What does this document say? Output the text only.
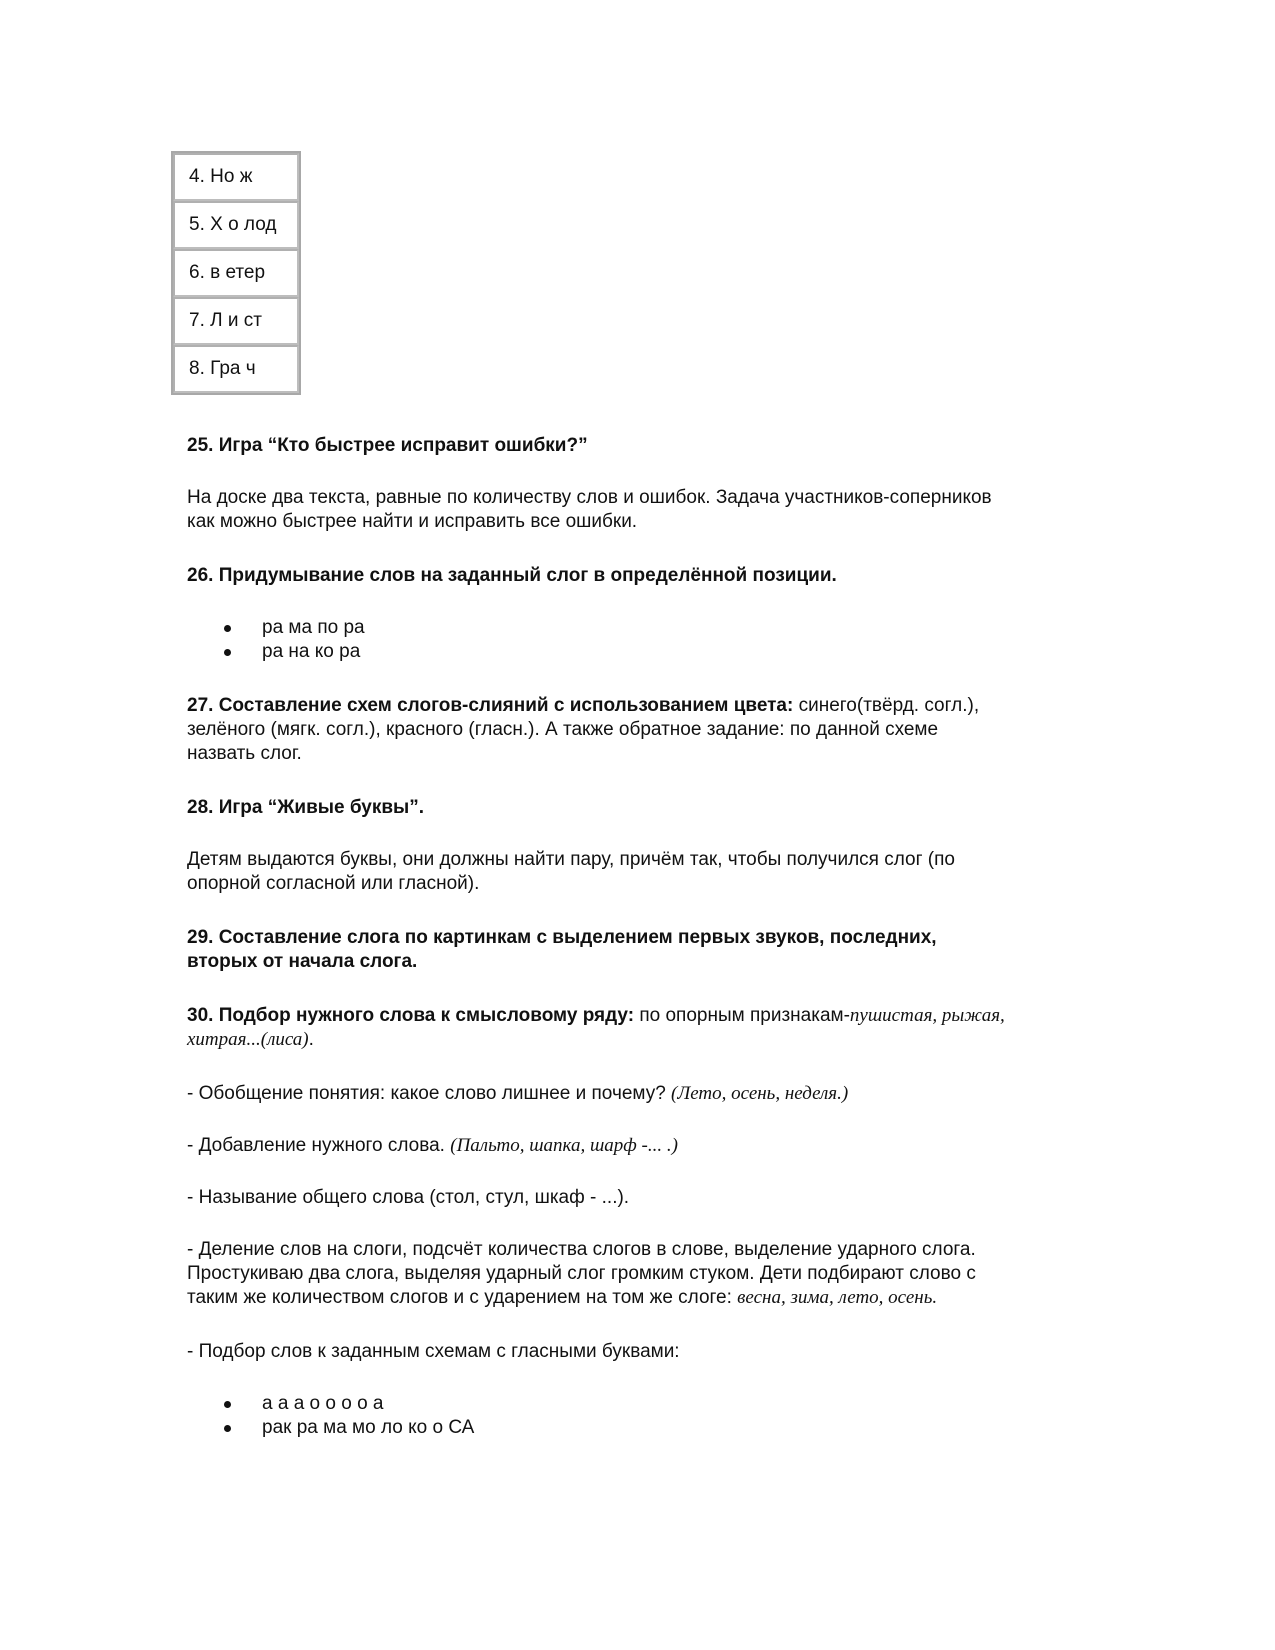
4. Но ж
5. Х о лод
6. в етер
7. Л и ст
8. Гра ч

25. Игра “Кто быстрее исправит ошибки?”

На доске два текста, равные по количеству слов и ошибок. Задача участников-соперников
как можно быстрее найти и исправить все ошибки.

26. Придумывание слов на заданный слог в определённой позиции.

ра ма по ра
ра на ко ра

27. Составление схем слогов-слияний с использованием цвета: синего(твёрд. согл.),
зелёного (мягк. согл.), красного (гласн.). А также обратное задание: по данной схеме
назвать слог.

28. Игра “Живые буквы”.

Детям выдаются буквы, они должны найти пару, причём так, чтобы получился слог (по
опорной согласной или гласной).

29. Составление слога по картинкам с выделением первых звуков, последних,
вторых от начала слога.

30. Подбор нужного слова к смысловому ряду: по опорным признакам-пушистая, рыжая,
хитрая...(лиса).

- Обобщение понятия: какое слово лишнее и почему? (Лето, осень, неделя.)

- Добавление нужного слова. (Пальто, шапка, шарф -... .)

- Называние общего слова (стол, стул, шкаф - ...).

- Деление слов на слоги, подсчёт количества слогов в слове, выделение ударного слога.
Простукиваю два слога, выделяя ударный слог громким стуком. Дети подбирают слово с
таким же количеством слогов и с ударением на том же слоге: весна, зима, лето, осень.

- Подбор слов к заданным схемам с гласными буквами:

а а а о о о о а
рак ра ма мо ло ко о СА
